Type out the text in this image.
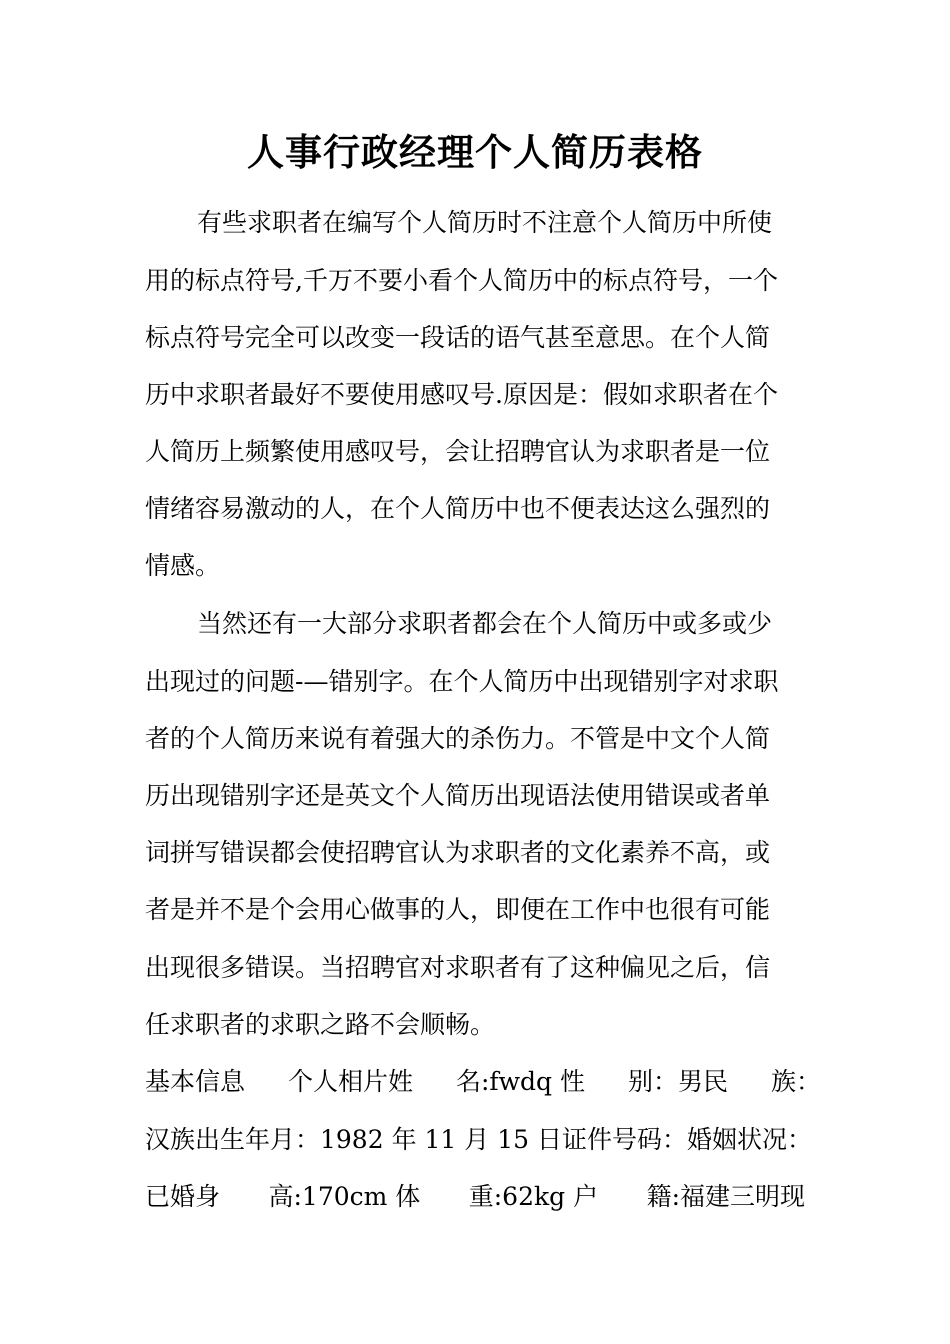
人事行政经理个人简历表格
有些求职者在编写个人简历时不注意个人简历中所使
用的标点符号,千万不要小看个人简历中的标点符号，一个
标点符号完全可以改变一段话的语气甚至意思。在个人简
历中求职者最好不要使用感叹号.原因是：假如求职者在个
人简历上频繁使用感叹号，会让招聘官认为求职者是一位
情绪容易激动的人，在个人简历中也不便表达这么强烈的
情感。
当然还有一大部分求职者都会在个人简历中或多或少
出现过的问题-—错别字。在个人简历中出现错别字对求职
者的个人简历来说有着强大的杀伤力。不管是中文个人简
历出现错别字还是英文个人简历出现语法使用错误或者单
词拼写错误都会使招聘官认为求职者的文化素养不高，或
者是并不是个会用心做事的人，即便在工作中也很有可能
出现很多错误。当招聘官对求职者有了这种偏见之后，信
任求职者的求职之路不会顺畅。
基本信息 个人相片姓 名:fwdq 性 别：男民 族：
汉族出生年月：1982 年 11 月 15 日证件号码：婚姻状况：
已婚身 高:170cm 体 重:62kg 户 籍:福建三明现
